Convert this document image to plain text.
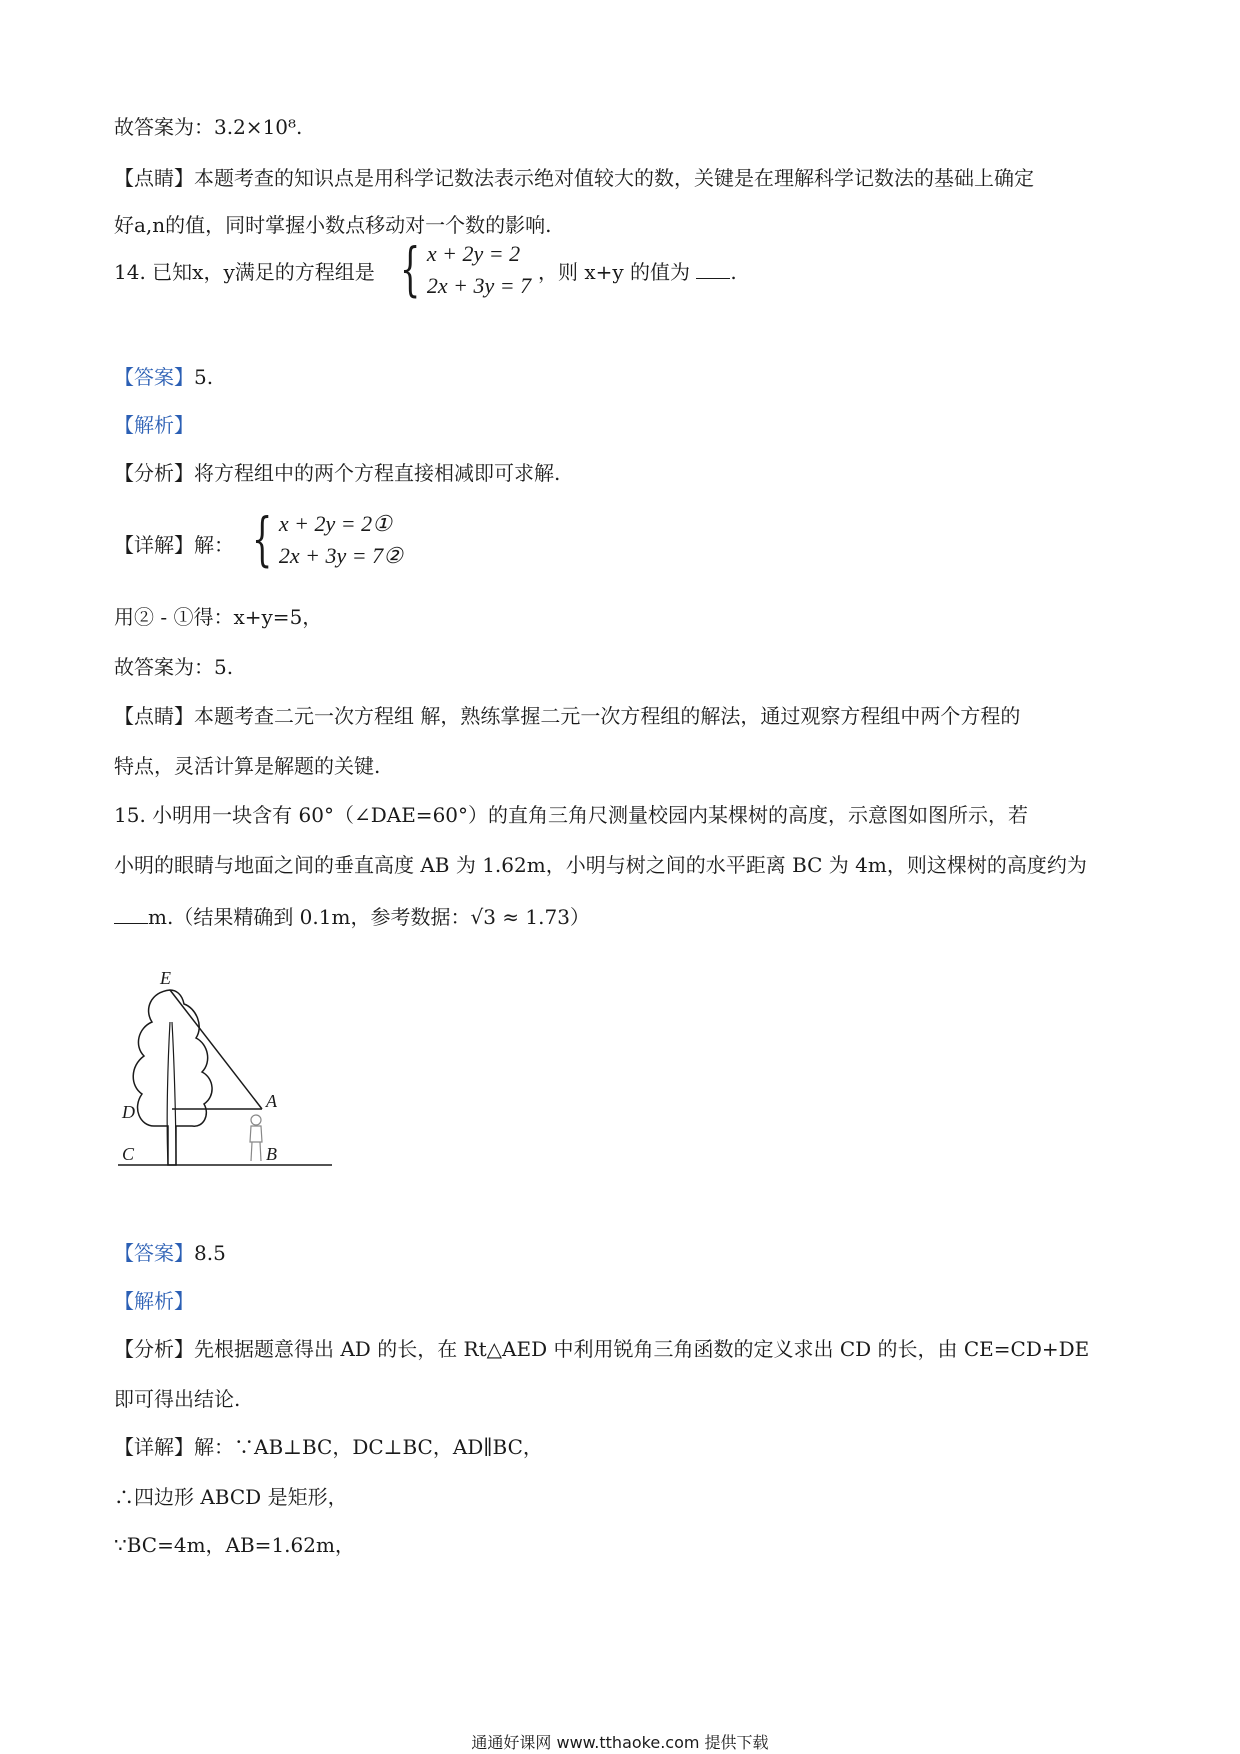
故答案为：3.2×10⁸.
【点睛】本题考查的知识点是用科学记数法表示绝对值较大的数，关键是在理解科学记数法的基础上确定
好a,n的值，同时掌握小数点移动对一个数的影响.
14. 已知x，y满足的方程组是 { x + 2y = 2
2x + 3y = 7
，则 x+y 的值为 .
【答案】5.
【解析】
【分析】将方程组中的两个方程直接相减即可求解.
【详解】解： { x + 2y = 2①
2x + 3y = 7②
用② - ①得：x+y=5，
故答案为：5.
【点睛】本题考查二元一次方程组 解，熟练掌握二元一次方程组的解法，通过观察方程组中两个方程的
特点，灵活计算是解题的关键.
15. 小明用一块含有 60°（∠DAE=60°）的直角三角尺测量校园内某棵树的高度，示意图如图所示，若
小明的眼睛与地面之间的垂直高度 AB 为 1.62m，小明与树之间的水平距离 BC 为 4m，则这棵树的高度约为
m.（结果精确到 0.1m，参考数据：√3 ≈ 1.73）
E
A
D
C	B
【答案】8.5
【解析】
【分析】先根据题意得出 AD 的长，在 Rt△AED 中利用锐角三角函数的定义求出 CD 的长，由 CE=CD+DE
即可得出结论.
【详解】解：∵AB⊥BC，DC⊥BC，AD∥BC，
∴四边形 ABCD 是矩形，
∵BC=4m，AB=1.62m，
通通好课网 www.tthaoke.com 提供下载
